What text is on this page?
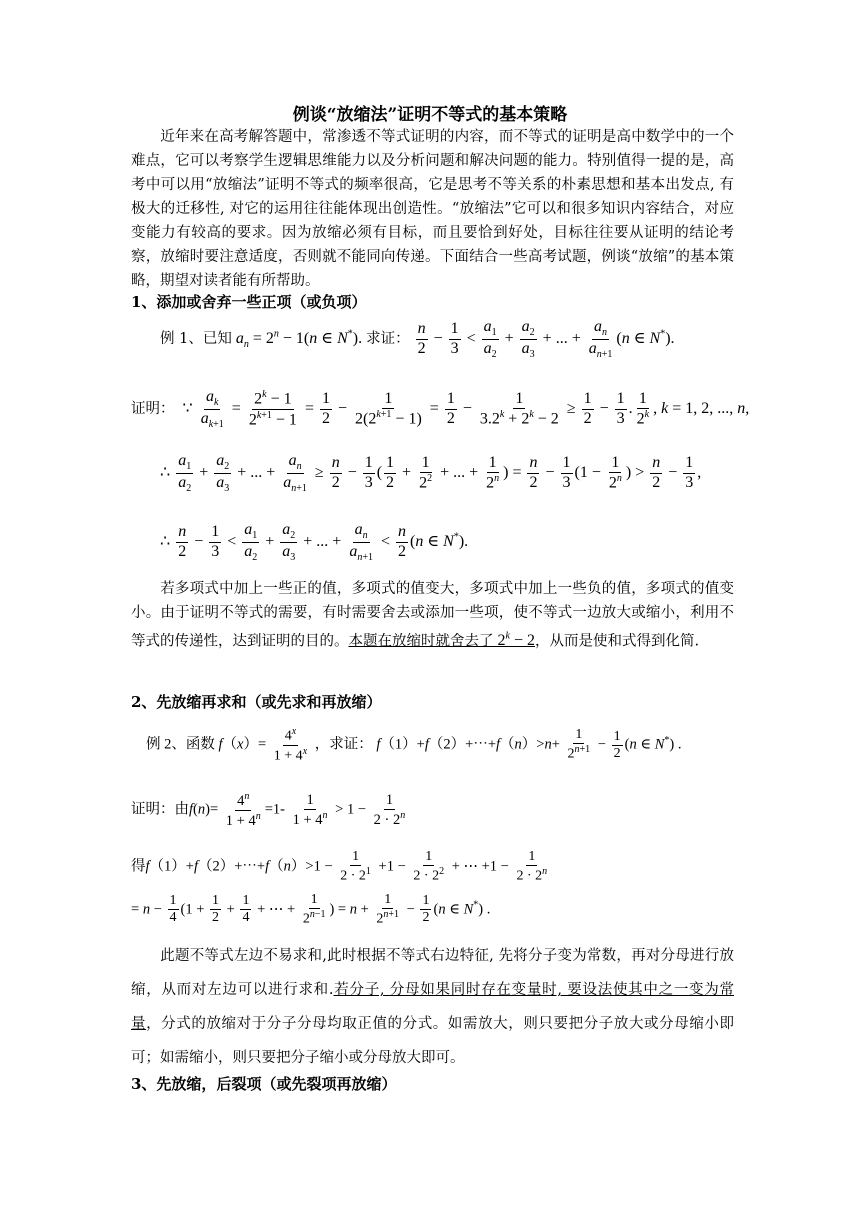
例谈“放缩法”证明不等式的基本策略
近年来在高考解答题中，常渗透不等式证明的内容，而不等式的证明是高中数学中的一个难点，它可以考察学生逻辑思维能力以及分析问题和解决问题的能力。特别值得一提的是，高考中可以用“放缩法”证明不等式的频率很高，它是思考不等关系的朴素思想和基本出发点, 有极大的迁移性, 对它的运用往往能体现出创造性。“放缩法”它可以和很多知识内容结合，对应变能力有较高的要求。因为放缩必须有目标，而且要恰到好处，目标往往要从证明的结论考察，放缩时要注意适度，否则就不能同向传递。下面结合一些高考试题，例谈“放缩”的基本策略，期望对读者能有所帮助。
1、添加或舍弃一些正项（或负项）
例 1、已知 $a_n = 2^n - 1(n$ ∈ N*). 求证： $\frac{n}{2} - \frac{1}{3} < \frac{a_1}{a_2} + \frac{a_2}{a_3}$ + ... + $\frac{a_n}{a_{n+1}} (n$ ∈ N*).
证明：  ∵ $\frac{a_k}{a_{k+1}} = \frac{2^k - 1}{2^{k+1} - 1} = \frac{1}{2} - \frac{1}{2(2^{k+1} - 1)} = \frac{1}{2} - \frac{1}{3.2^k + 2^k - 2} \ge \frac{1}{2} - \frac{1}{3}$ . $\frac{1}{2^k}$ , k = 1, 2, ..., n,
∴ $\frac{a_1}{a_2} + \frac{a_2}{a_3}$ + ... + $\frac{a_n}{a_{n+1}} \ge \frac{n}{2} - \frac{1}{3}$ ( $\frac{1}{2} + \frac{1}{2^2}$ + ... + $\frac{1}{2^n}$ ) = $\frac{n}{2} - \frac{1}{3} (1 - \frac{1}{2^n}$ ) > $\frac{n}{2} - \frac{1}{3}$ ,
∴ $\frac{n}{2} - \frac{1}{3} < \frac{a_1}{a_2} + \frac{a_2}{a_3}$ + ... + $\frac{a_n}{a_{n+1}} < \frac{n}{2} (n$ ∈ N*).
若多项式中加上一些正的值，多项式的值变大，多项式中加上一些负的值，多项式的值变小。由于证明不等式的需要，有时需要舍去或添加一些项，使不等式一边放大或缩小，利用不等式的传递性，达到证明的目的。本题在放缩时就舍去了 $2^k - 2$，从而是使和式得到化简.
2、先放缩再求和（或先求和再放缩）
例 2、函数 $f(x)= \frac{4^x}{1 + 4^x}$ ，求证： f（1）+f（2）+⋯+f（n）>n+ $\frac{1}{2^{n+1}} - \frac{1}{2} (n$ ∈ N*) .
证明：由$f(n)= \frac{4^n}{1 + 4^n} =1- \frac{1}{1 + 4^n} > 1 - \frac{1}{2 \cdot 2^n}$
得f（1）+f（2）+⋯+f（n）>1 − $\frac{1}{2 \cdot 2^1} +1 - \frac{1}{2 \cdot 2^2}$ + ⋯ $+1 - \frac{1}{2 \cdot 2^n}$
= $n - \frac{1}{4} (1 + \frac{1}{2} + \frac{1}{4}$ + ⋯ + $\frac{1}{2^{n-1}}$ ) = $n + \frac{1}{2^{n+1}} - \frac{1}{2} (n$ ∈ N*) .
此题不等式左边不易求和,此时根据不等式右边特征, 先将分子变为常数，再对分母进行放缩，从而对左边可以进行求和.若分子, 分母如果同时存在变量时, 要设法使其中之一变为常量，分式的放缩对于分子分母均取正值的分式。如需放大，则只要把分子放大或分母缩小即可；如需缩小，则只要把分子缩小或分母放大即可。
3、先放缩，后裂项（或先裂项再放缩）
